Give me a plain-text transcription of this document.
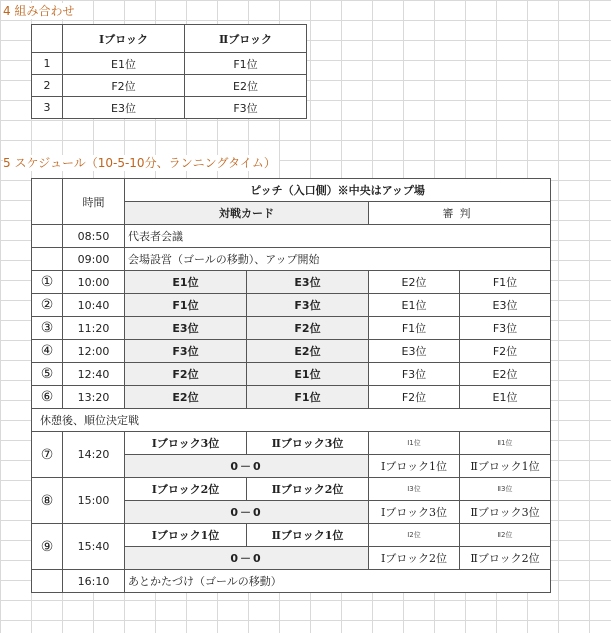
4 組み合わせ
	Ⅰブロック	Ⅱブロック
1	E1位	F1位
2	F2位	E2位
3	E3位	F3位
5 スケジュール（10-5-10分、ランニングタイム）
	時間	ピッチ（入口側）※中央はアップ場			
		対戦カード		審判	
	08:50	代表者会議			
	09:00	会場設営（ゴールの移動）、アップ開始			
①	10:00	E1位	E3位	E2位	F1位
②	10:40	F1位	F3位	E1位	E3位
③	11:20	E3位	F2位	F1位	F3位
④	12:00	F3位	E2位	E3位	F2位
⑤	12:40	F2位	E1位	F3位	E2位
⑥	13:20	E2位	F1位	F2位	E1位
休憩後、順位決定戦					
⑦	14:20	Ⅰブロック3位	Ⅱブロック3位	Ⅰ1位	Ⅱ1位
		0－0		Ⅰブロック1位	Ⅱブロック1位
⑧	15:00	Ⅰブロック2位	Ⅱブロック2位	Ⅰ3位	Ⅱ3位
		0－0		Ⅰブロック3位	Ⅱブロック3位
⑨	15:40	Ⅰブロック1位	Ⅱブロック1位	Ⅰ2位	Ⅱ2位
		0－0		Ⅰブロック2位	Ⅱブロック2位
	16:10	あとかたづけ（ゴールの移動）			
